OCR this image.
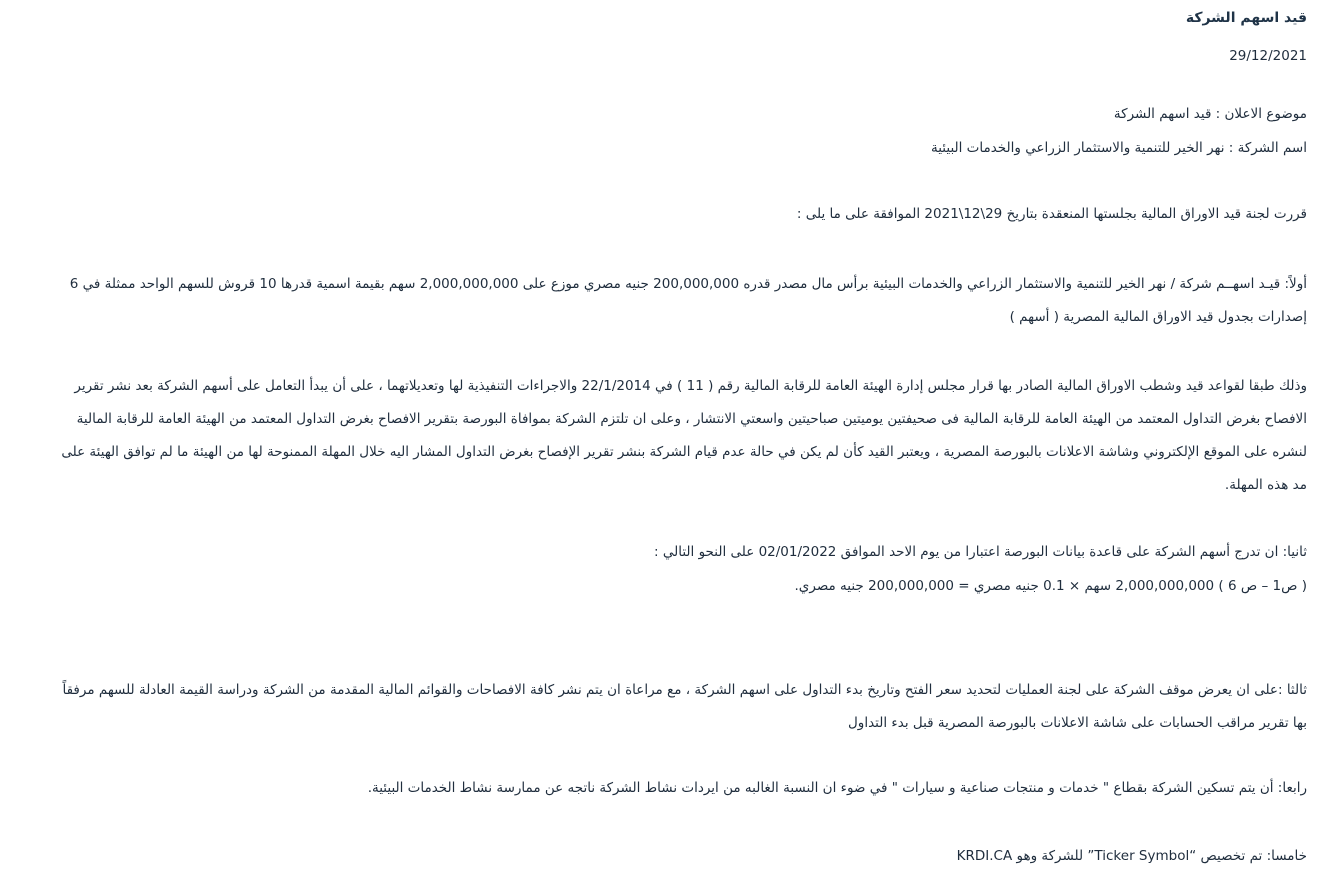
قيد اسهم الشركة
29/12/2021
موضوع الاعلان : قيد اسهم الشركة
اسم الشركة : نهر الخير للتنمية والاستثمار الزراعي والخدمات البيئية
قررت لجنة قيد الاوراق المالية بجلستها المنعقدة بتاريخ 29\12\2021 الموافقة على ما يلى :
أولاً: قيـد اسهــم شركة / نهر الخير للتنمية والاستثمار الزراعي والخدمات البيئية برأس مال مصدر قدره 200,000,000 جنيه مصري موزع على 2,000,000,000 سهم بقيمة اسمية قدرها 10 قروش للسهم الواحد ممثلة في 6 إصدارات بجدول قيد الاوراق المالية المصرية ( أسهم )
وذلك طبقا لقواعد قيد وشطب الاوراق المالية الصادر بها قرار مجلس إدارة الهيئة العامة للرقابة المالية رقم ( 11 ) في 22/1/2014 والاجراءات التنفيذية لها وتعديلاتهما ، على أن يبدأ التعامل على أسهم الشركة بعد نشر تقرير الافصاح بغرض التداول المعتمد من الهيئة العامة للرقابة المالية فى صحيفتين يوميتين صباحيتين واسعتي الانتشار ، وعلى ان تلتزم الشركة بموافاة البورصة بتقرير الافصاح بغرض التداول المعتمد من الهيئة العامة للرقابة المالية لنشره على الموقع الإلكتروني وشاشة الاعلانات بالبورصة المصرية ، ويعتبر القيد كأن لم يكن في حالة عدم قيام الشركة بنشر تقرير الإفصاح بغرض التداول المشار اليه خلال المهلة الممنوحة لها من الهيئة ما لم توافق الهيئة على مد هذه المهلة.
ثانيا: ان تدرج أسهم الشركة على قاعدة بيانات البورصة اعتبارا من يوم الاحد الموافق 02/01/2022 على النحو التالي :
( ص1 – ص 6 ) 2,000,000,000 سهم × 0.1 جنيه مصري = 200,000,000 جنيه مصري.
ثالثا :على ان يعرض موقف الشركة على لجنة العمليات لتحديد سعر الفتح وتاريخ بدء التداول على اسهم الشركة ، مع مراعاة ان يتم نشر كافة الافصاحات والقوائم المالية المقدمة من الشركة ودراسة القيمة العادلة للسهم مرفقاً بها تقرير مراقب الحسابات على شاشة الاعلانات بالبورصة المصرية قبل بدء التداول
رابعا: أن يتم تسكين الشركة بقطاع " خدمات و منتجات صناعية و سيارات " في ضوء ان النسبة الغالبه من ايردات نشاط الشركة ناتجه عن ممارسة نشاط الخدمات البيئية.
خامسا: تم تخصيص “Ticker Symbol” للشركة وهو KRDI.CA
